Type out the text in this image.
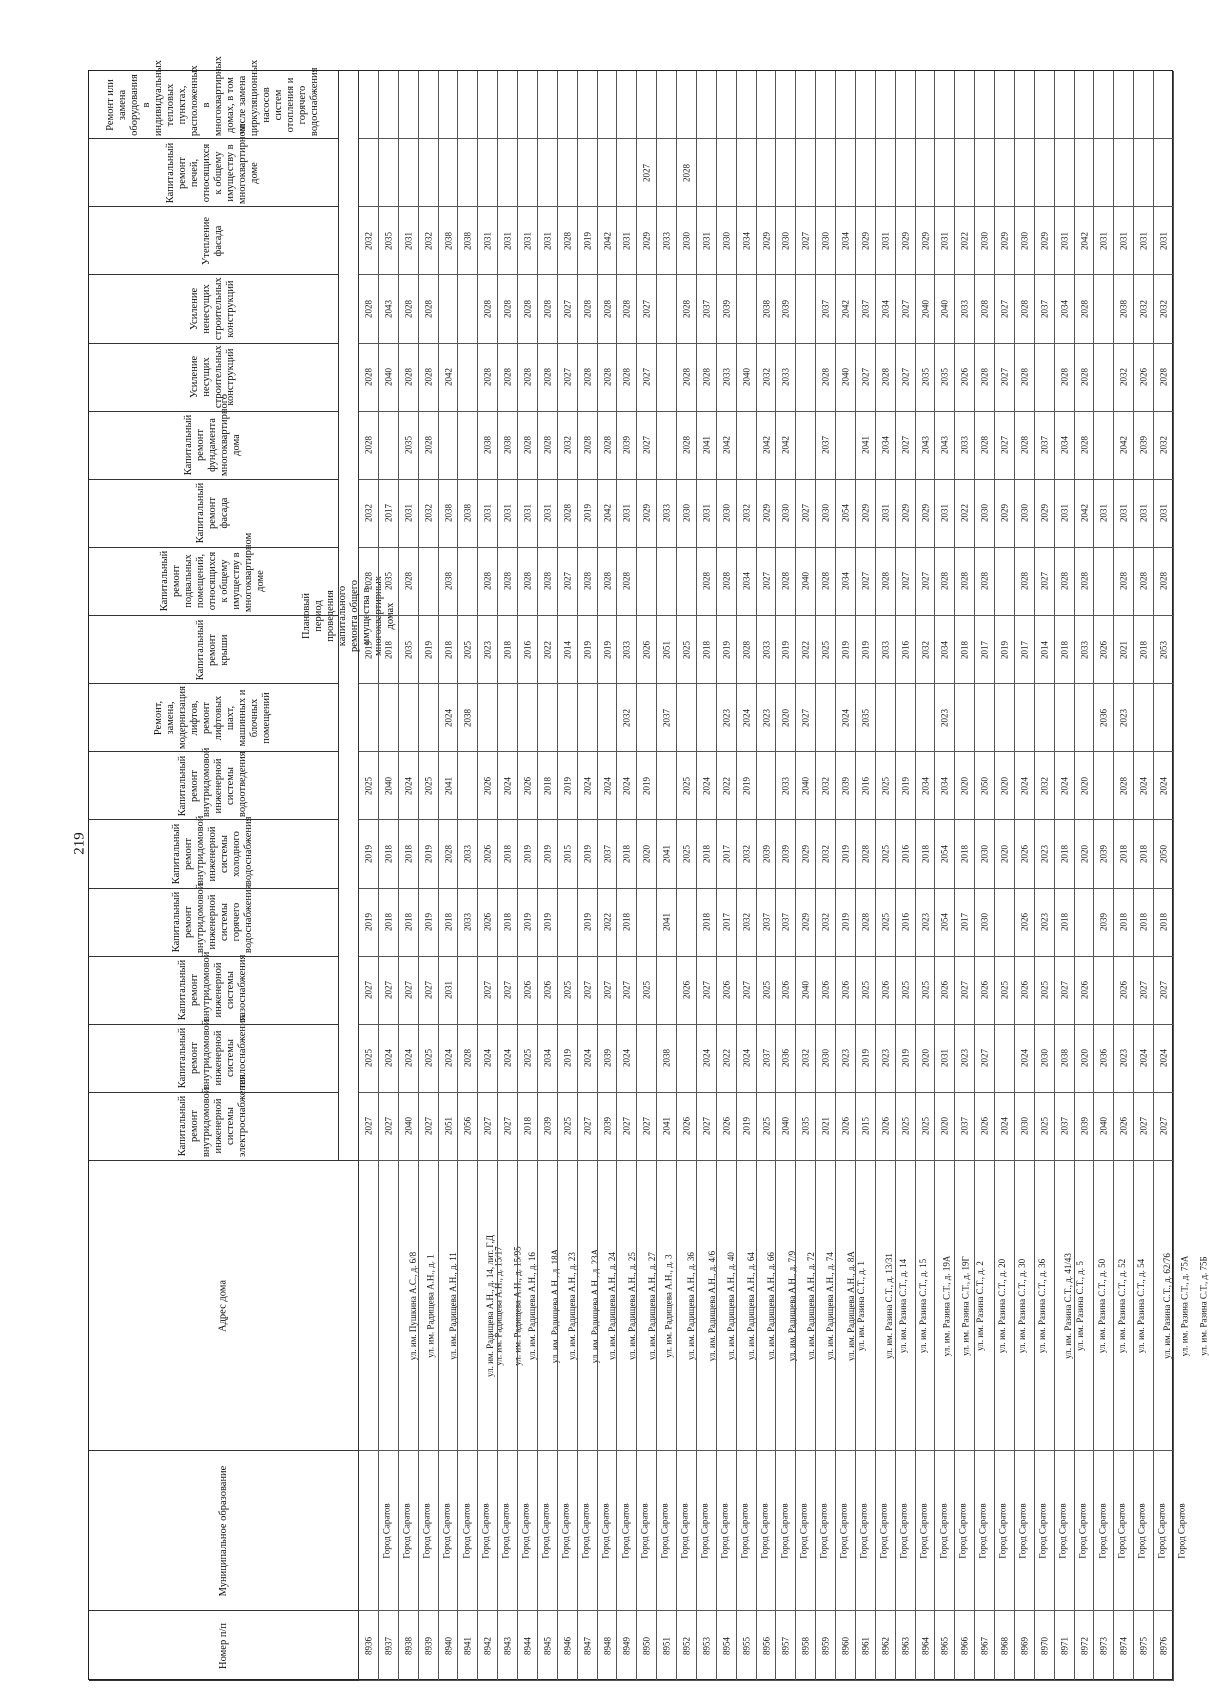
219
Номер п/п
Муниципальное образование
Адрес дома
Плановый период проведения капитального ремонта общего имущества в многоквартирных домах
Капитальный ремонт внутридомовой инженерной системы электроснабжения
Капитальный ремонт внутридомовой инженерной системы теплоснабжения
Капитальный ремонт внутридомовой инженерной системы газоснабжения
Капитальный ремонт внутридомовой инженерной системы горячего водоснабжения
Капитальный ремонт внутридомовой инженерной системы холодного водоснабжения
Капитальный ремонт внутридомовой инженерной системы водоотведения
Ремонт, замена, модернизация лифтов, ремонт лифтовых шахт, машинных и блочных помещений
Капитальный ремонт крыши
Капитальный ремонт подвальных помещений, относящихся к общему имуществу в многоквартирном доме
Капитальный ремонт фасада
Капитальный ремонт фундамента многоквартирного дома
Усиление несущих строительных конструкций
Усиление ненесущих строительных конструкций
Утепление фасада
Капитальный ремонт печей, относящихся к общему имуществу в многоквартирном доме
Ремонт или замена оборудования в индивидуальных тепловых пунктах, расположенных в многоквартирных домах, в том числе замена циркуляционных насосов систем отопления и горячего водоснабжения
8936
Город Саратов
ул. им. Пушкина А.С., д. 6/8
2027
2025
2027
2019
2019
2025
2019
2028
2032
2028
2028
2028
2032
8937
Город Саратов
ул. им. Радищева А.Н., д. 1
2027
2024
2027
2018
2018
2040
2018
2035
2017
2040
2043
2035
8938
Город Саратов
ул. им. Радищева А.Н., д. 11
2040
2024
2027
2018
2018
2024
2035
2028
2031
2035
2028
2028
2031
8939
Город Саратов
ул. им. Радищева А.Н., д. 14, лит. Г,Д
2027
2025
2027
2019
2019
2025
2019
2032
2028
2028
2028
2032
8940
Город Саратов
ул. им. Радищева А.Н., д. 15/17
2051
2024
2031
2018
2028
2041
2024
2018
2038
2038
2042
2038
8941
Город Саратов
ул. им. Радищева А.Н., д. 15/95
2056
2028
2033
2033
2038
2025
2038
2038
8942
Город Саратов
ул. им. Радищева А.Н., д. 16
2027
2024
2027
2026
2026
2026
2023
2028
2031
2038
2028
2028
2031
8943
Город Саратов
ул. им. Радищева А.Н., д. 18А
2027
2024
2027
2018
2018
2024
2018
2028
2031
2038
2028
2028
2031
8944
Город Саратов
ул. им. Радищева А.Н., д. 23
2018
2025
2026
2019
2019
2026
2016
2028
2031
2028
2028
2028
2031
8945
Город Саратов
ул. им. Радищева А.Н., д. 23А
2039
2034
2026
2019
2019
2018
2022
2028
2031
2028
2028
2028
2031
8946
Город Саратов
ул. им. Радищева А.Н., д. 24
2025
2019
2025
2015
2019
2014
2027
2028
2032
2027
2027
2028
8947
Город Саратов
ул. им. Радищева А.Н., д. 25
2027
2024
2027
2019
2019
2024
2019
2028
2019
2028
2028
2028
2019
8948
Город Саратов
ул. им. Радищева А.Н., д. 27
2039
2039
2027
2022
2037
2024
2019
2028
2042
2028
2028
2028
2042
8949
Город Саратов
ул. им. Радищева А.Н., д. 3
2027
2024
2027
2018
2018
2024
2032
2033
2028
2031
2039
2028
2028
2031
8950
Город Саратов
ул. им. Радищева А.Н., д. 36
2027
2025
2020
2019
2026
2029
2027
2027
2027
2029
2027
8951
Город Саратов
ул. им. Радищева А.Н., д. 4/6
2041
2038
2041
2041
2037
2051
2033
2033
8952
Город Саратов
ул. им. Радищева А.Н., д. 40
2026
2026
2025
2025
2025
2030
2028
2028
2028
2030
2028
8953
Город Саратов
ул. им. Радищева А.Н., д. 64
2027
2024
2027
2018
2018
2024
2018
2028
2031
2041
2028
2037
2031
8954
Город Саратов
ул. им. Радищева А.Н., д. 66
2026
2022
2026
2017
2017
2022
2023
2019
2028
2030
2042
2033
2039
2030
8955
Город Саратов
ул. им. Радищева А.Н., д. 7/9
2019
2024
2027
2032
2032
2019
2024
2028
2034
2032
2040
2034
8956
Город Саратов
ул. им. Радищева А.Н., д. 72
2025
2037
2025
2037
2039
2023
2033
2027
2029
2042
2032
2038
2029
8957
Город Саратов
ул. им. Радищева А.Н., д. 74
2040
2036
2026
2037
2039
2033
2020
2019
2028
2030
2042
2033
2039
2030
8958
Город Саратов
ул. им. Радищева А.Н., д. 8А
2035
2032
2040
2029
2029
2040
2027
2022
2040
2027
2027
8959
Город Саратов
ул. им. Разина С.Т., д. 1
2021
2030
2026
2032
2032
2032
2025
2028
2030
2037
2028
2037
2030
8960
Город Саратов
ул. им. Разина С.Т., д. 13/31
2026
2023
2026
2019
2019
2039
2024
2019
2034
2054
2040
2042
2034
8961
Город Саратов
ул. им. Разина С.Т., д. 14
2015
2019
2025
2028
2028
2016
2035
2019
2027
2029
2041
2027
2037
2029
8962
Город Саратов
ул. им. Разина С.Т., д. 15
2026
2023
2026
2025
2025
2025
2033
2028
2031
2034
2028
2034
2031
8963
Город Саратов
ул. им. Разина С.Т., д. 19А
2025
2019
2025
2016
2016
2019
2016
2027
2029
2027
2027
2027
2029
8964
Город Саратов
ул. им. Разина С.Т., д. 19Г
2025
2020
2025
2023
2018
2034
2032
2027
2029
2043
2035
2040
2029
8965
Город Саратов
ул. им. Разина С.Т., д. 2
2020
2031
2026
2054
2054
2034
2023
2034
2028
2031
2043
2035
2040
2031
8966
Город Саратов
ул. им. Разина С.Т., д. 20
2037
2023
2027
2017
2018
2020
2018
2028
2022
2033
2026
2033
2022
8967
Город Саратов
ул. им. Разина С.Т., д. 30
2026
2027
2026
2030
2030
2050
2017
2028
2030
2028
2028
2028
2030
8968
Город Саратов
ул. им. Разина С.Т., д. 36
2024
2025
2020
2020
2019
2029
2027
2027
2027
2029
8969
Город Саратов
ул. им. Разина С.Т., д. 41/43
2030
2024
2026
2026
2026
2024
2017
2028
2030
2028
2028
2028
2030
8970
Город Саратов
ул. им. Разина С.Т., д. 5
2025
2030
2025
2023
2023
2032
2014
2027
2029
2037
2037
2029
8971
Город Саратов
ул. им. Разина С.Т., д. 50
2037
2038
2027
2018
2018
2024
2018
2028
2031
2034
2028
2034
2031
8972
Город Саратов
ул. им. Разина С.Т., д. 52
2039
2020
2026
2020
2020
2033
2028
2042
2028
2028
2028
2042
8973
Город Саратов
ул. им. Разина С.Т., д. 54
2040
2036
2039
2039
2036
2026
2031
2031
8974
Город Саратов
ул. им. Разина С.Т., д. 62/76
2026
2023
2026
2018
2018
2028
2023
2021
2028
2031
2042
2032
2038
2031
8975
Город Саратов
ул. им. Разина С.Т., д. 75А
2027
2024
2027
2018
2018
2024
2018
2028
2031
2039
2026
2032
2031
8976
Город Саратов
ул. им. Разина С.Т., д. 75Б
2027
2024
2027
2018
2050
2024
2053
2028
2031
2032
2028
2032
2031
